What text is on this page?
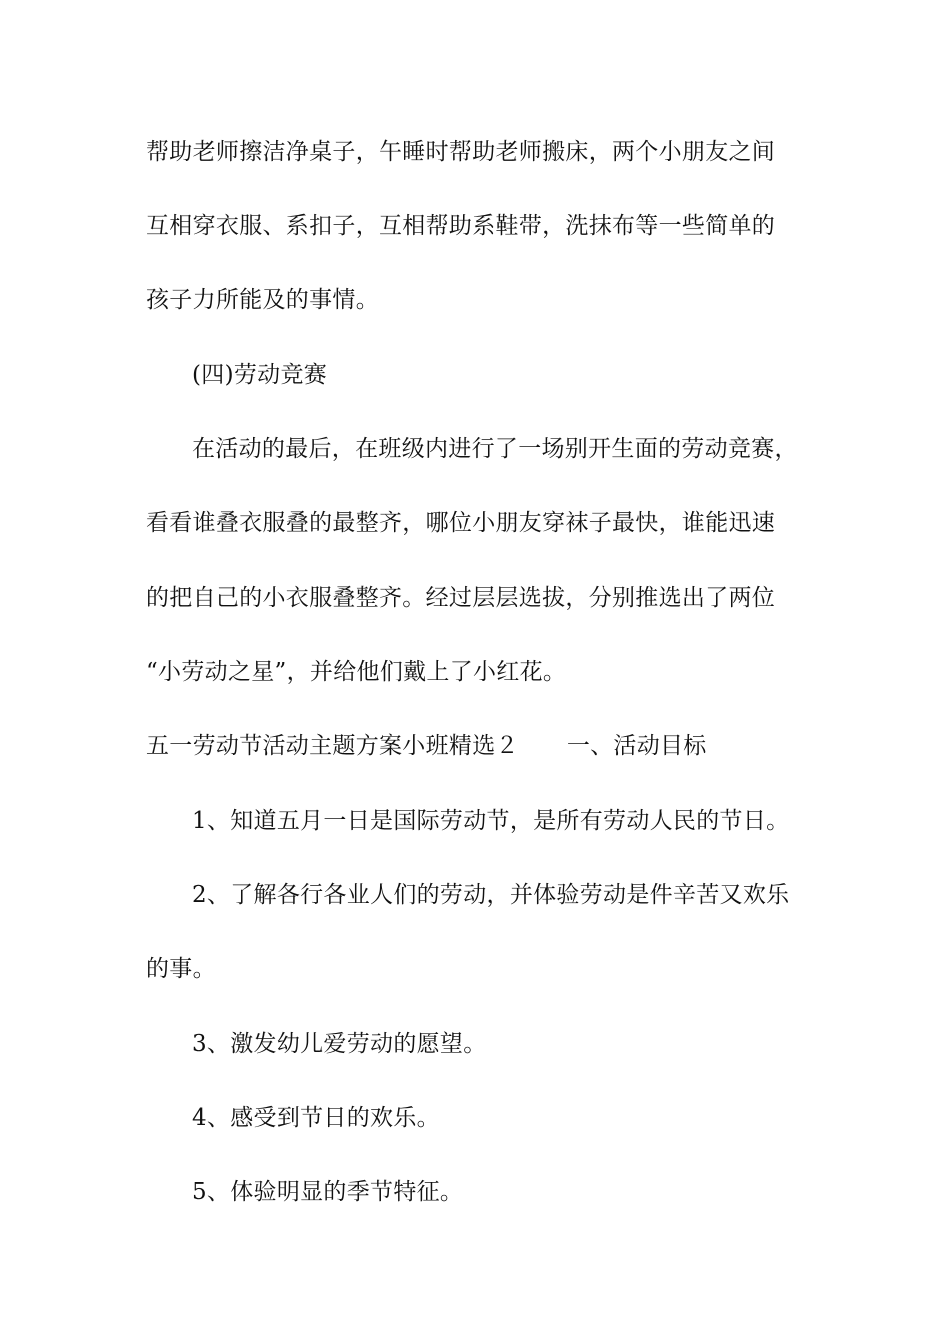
帮助老师擦洁净桌子，午睡时帮助老师搬床，两个小朋友之间
互相穿衣服、系扣子，互相帮助系鞋带，洗抹布等一些简单的
孩子力所能及的事情。
(四)劳动竞赛
在活动的最后，在班级内进行了一场别开生面的劳动竞赛，
看看谁叠衣服叠的最整齐，哪位小朋友穿袜子最快，谁能迅速
的把自己的小衣服叠整齐。经过层层选拔，分别推选出了两位
“小劳动之星”，并给他们戴上了小红花。
五一劳动节活动主题方案小班精选２ 一、活动目标
1、知道五月一日是国际劳动节，是所有劳动人民的节日。
2、了解各行各业人们的劳动，并体验劳动是件辛苦又欢乐
的事。
3、激发幼儿爱劳动的愿望。
4、感受到节日的欢乐。
5、体验明显的季节特征。
